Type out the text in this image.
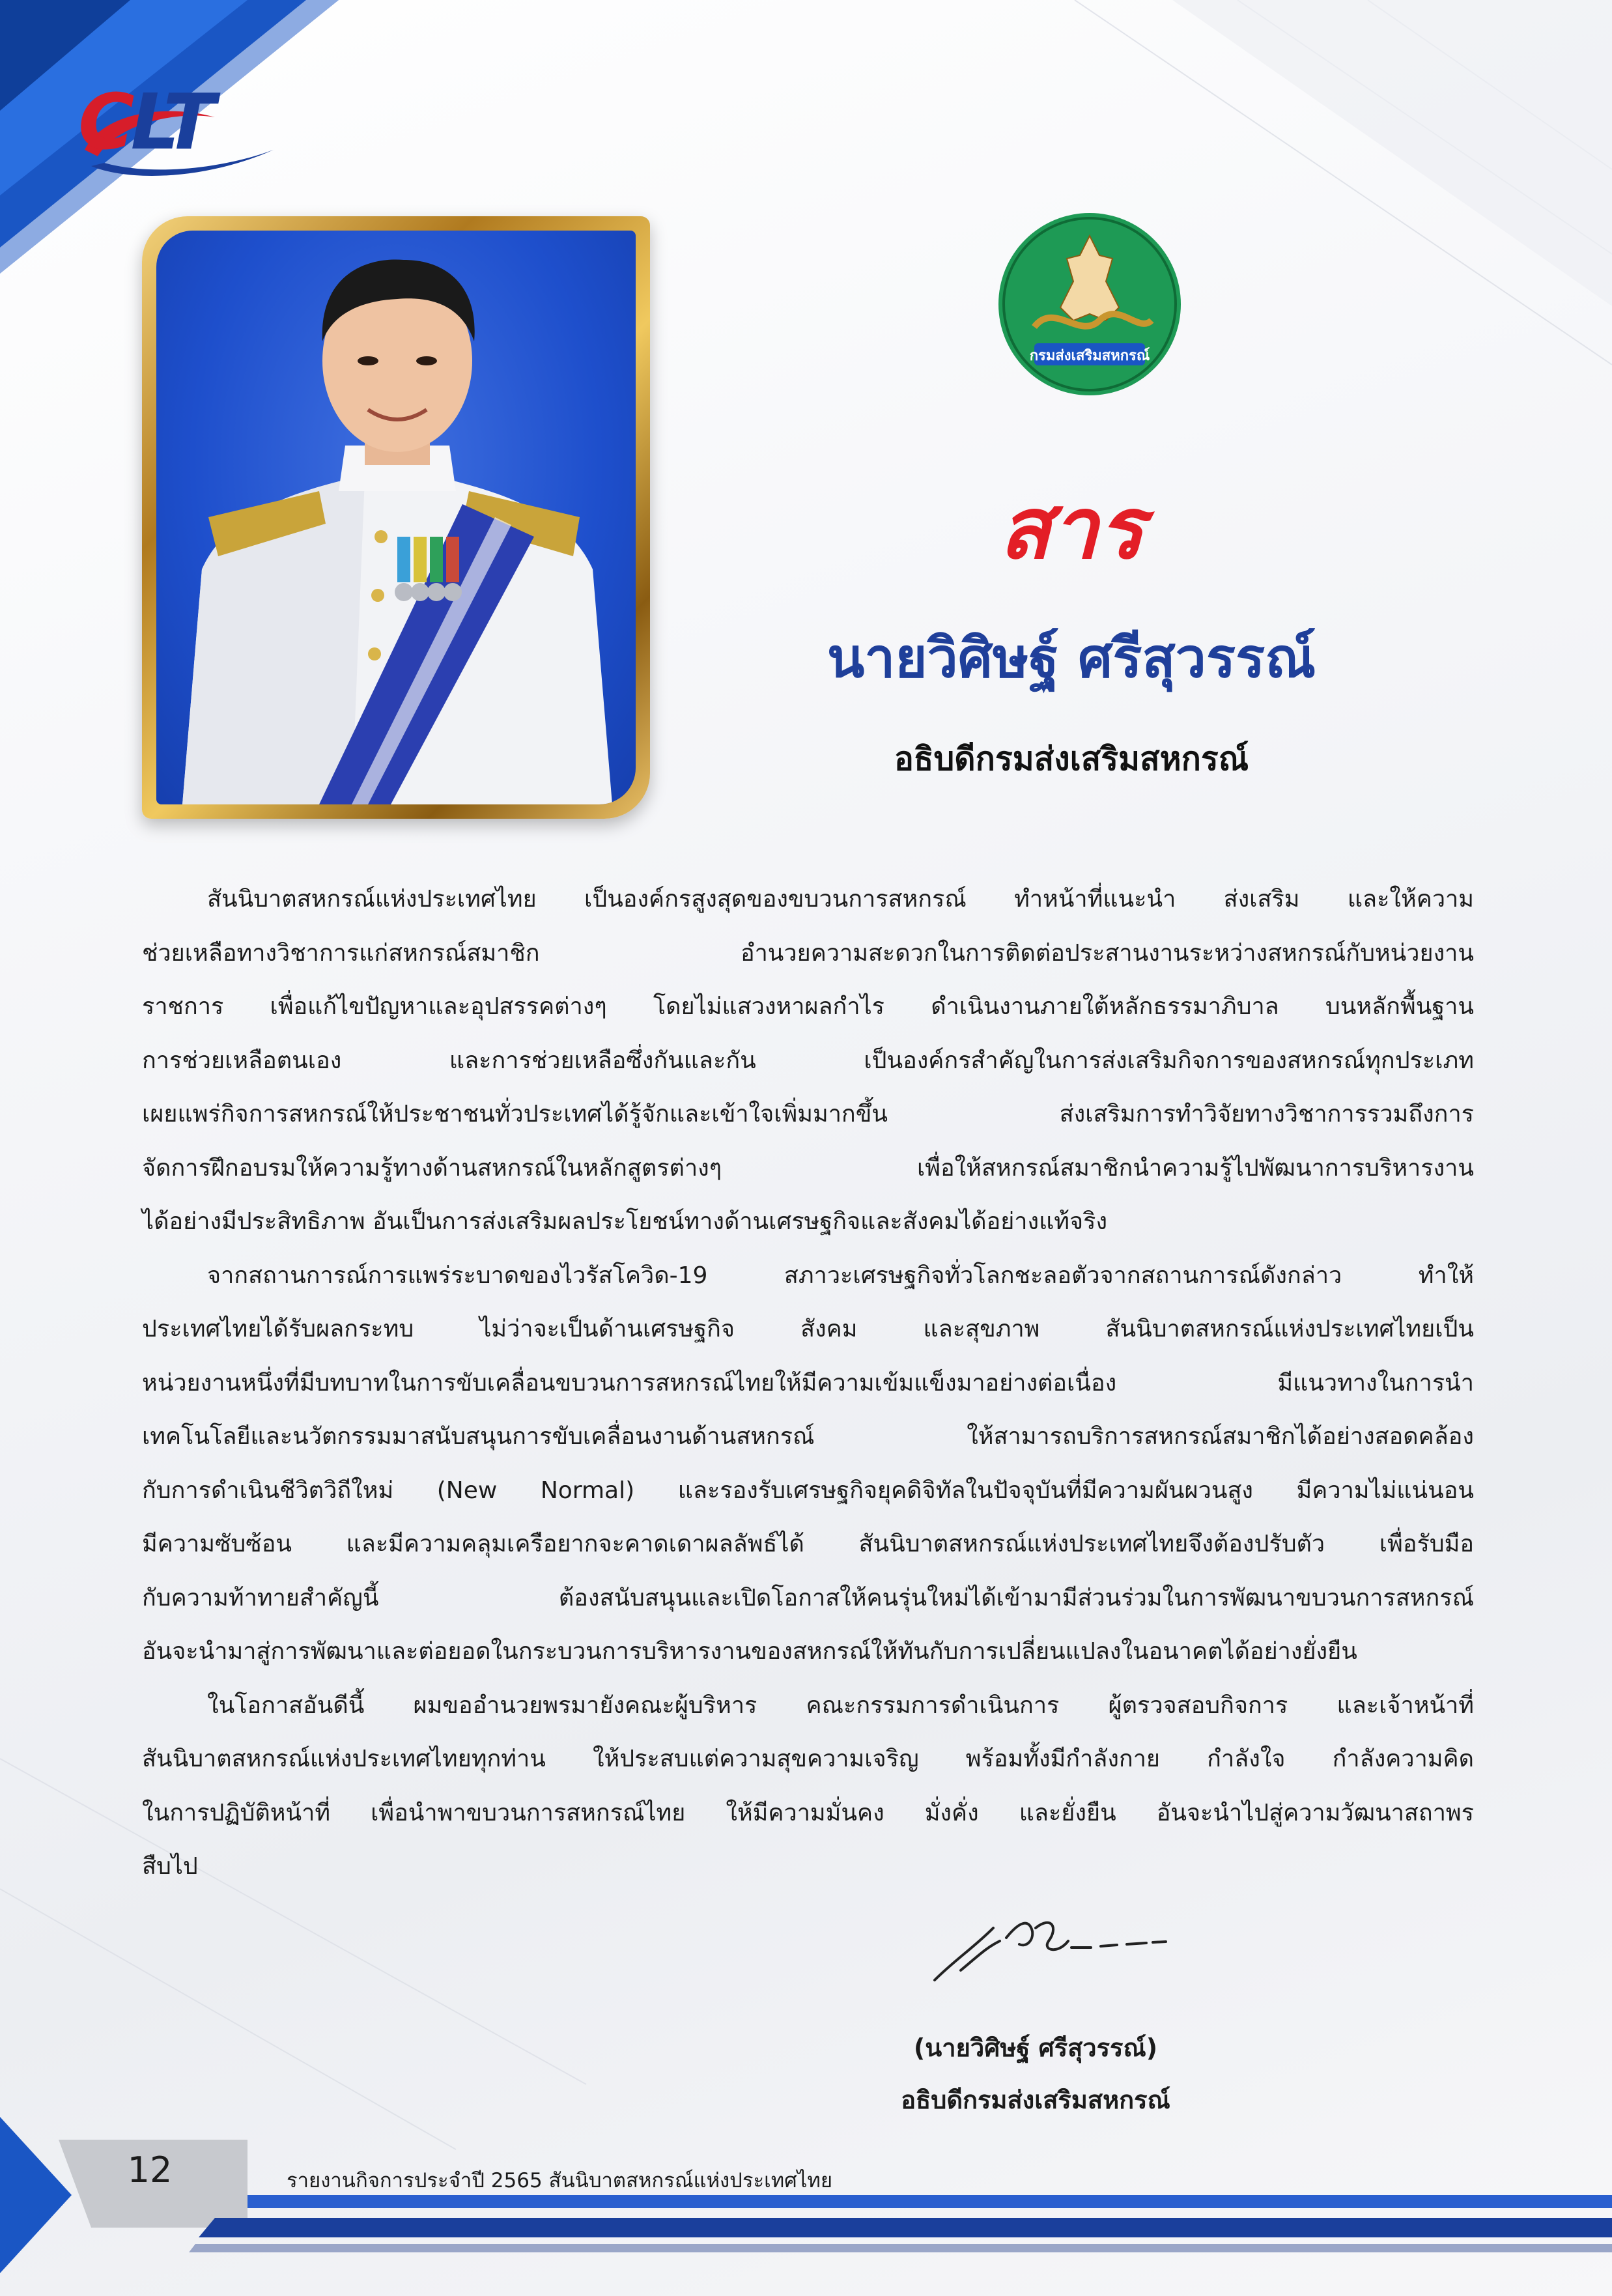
CLT
กรมส่งเสริมสหกรณ์
สาร
นายวิศิษฐ์ ศรีสุวรรณ์
อธิบดีกรมส่งเสริมสหกรณ์
สันนิบาตสหกรณ์แห่งประเทศไทย เป็นองค์กรสูงสุดของขบวนการสหกรณ์ ทำหน้าที่แนะนำ ส่งเสริม และให้ความ
ช่วยเหลือทางวิชาการแก่สหกรณ์สมาชิก อำนวยความสะดวกในการติดต่อประสานงานระหว่างสหกรณ์กับหน่วยงาน
ราชการ เพื่อแก้ไขปัญหาและอุปสรรคต่างๆ โดยไม่แสวงหาผลกำไร ดำเนินงานภายใต้หลักธรรมาภิบาล บนหลักพื้นฐาน
การช่วยเหลือตนเอง และการช่วยเหลือซึ่งกันและกัน เป็นองค์กรสำคัญในการส่งเสริมกิจการของสหกรณ์ทุกประเภท
เผยแพร่กิจการสหกรณ์ให้ประชาชนทั่วประเทศได้รู้จักและเข้าใจเพิ่มมากขึ้น ส่งเสริมการทำวิจัยทางวิชาการรวมถึงการ
จัดการฝึกอบรมให้ความรู้ทางด้านสหกรณ์ในหลักสูตรต่างๆ เพื่อให้สหกรณ์สมาชิกนำความรู้ไปพัฒนาการบริหารงาน
ได้อย่างมีประสิทธิภาพ อันเป็นการส่งเสริมผลประโยชน์ทางด้านเศรษฐกิจและสังคมได้อย่างแท้จริง
จากสถานการณ์การแพร่ระบาดของไวรัสโควิด-19 สภาวะเศรษฐกิจทั่วโลกชะลอตัวจากสถานการณ์ดังกล่าว ทำให้
ประเทศไทยได้รับผลกระทบ ไม่ว่าจะเป็นด้านเศรษฐกิจ สังคม และสุขภาพ สันนิบาตสหกรณ์แห่งประเทศไทยเป็น
หน่วยงานหนึ่งที่มีบทบาทในการขับเคลื่อนขบวนการสหกรณ์ไทยให้มีความเข้มแข็งมาอย่างต่อเนื่อง มีแนวทางในการนำ
เทคโนโลยีและนวัตกรรมมาสนับสนุนการขับเคลื่อนงานด้านสหกรณ์ ให้สามารถบริการสหกรณ์สมาชิกได้อย่างสอดคล้อง
กับการดำเนินชีวิตวิถีใหม่ (New Normal) และรองรับเศรษฐกิจยุคดิจิทัลในปัจจุบันที่มีความผันผวนสูง มีความไม่แน่นอน
มีความซับซ้อน และมีความคลุมเครือยากจะคาดเดาผลลัพธ์ได้ สันนิบาตสหกรณ์แห่งประเทศไทยจึงต้องปรับตัว เพื่อรับมือ
กับความท้าทายสำคัญนี้ ต้องสนับสนุนและเปิดโอกาสให้คนรุ่นใหม่ได้เข้ามามีส่วนร่วมในการพัฒนาขบวนการสหกรณ์
อันจะนำมาสู่การพัฒนาและต่อยอดในกระบวนการบริหารงานของสหกรณ์ให้ทันกับการเปลี่ยนแปลงในอนาคตได้อย่างยั่งยืน
ในโอกาสอันดีนี้ ผมขออำนวยพรมายังคณะผู้บริหาร คณะกรรมการดำเนินการ ผู้ตรวจสอบกิจการ และเจ้าหน้าที่
สันนิบาตสหกรณ์แห่งประเทศไทยทุกท่าน ให้ประสบแต่ความสุขความเจริญ พร้อมทั้งมีกำลังกาย กำลังใจ กำลังความคิด
ในการปฏิบัติหน้าที่ เพื่อนำพาขบวนการสหกรณ์ไทย ให้มีความมั่นคง มั่งคั่ง และยั่งยืน อันจะนำไปสู่ความวัฒนาสถาพร
สืบไป
(นายวิศิษฐ์ ศรีสุวรรณ์)
อธิบดีกรมส่งเสริมสหกรณ์
12	รายงานกิจการประจำปี 2565 สันนิบาตสหกรณ์แห่งประเทศไทย
